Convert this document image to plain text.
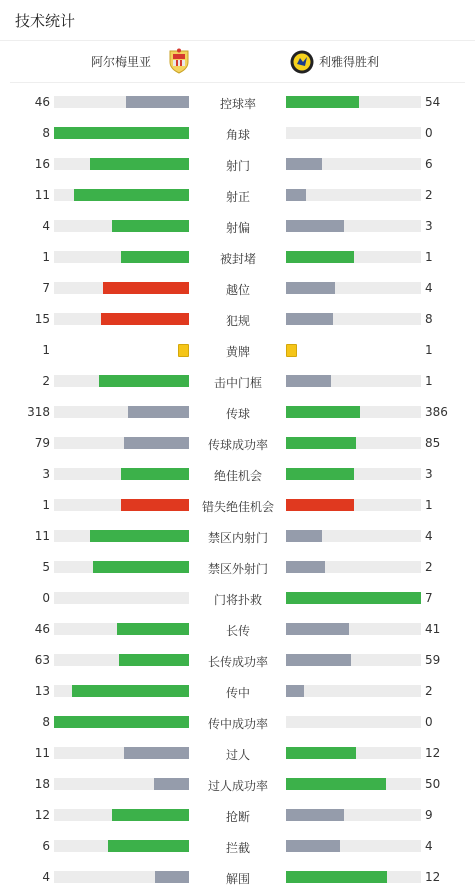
技术统计
阿尔梅里亚	利雅得胜利
46	控球率	54
8	角球	0
16	射门	6
11	射正	2
4	射偏	3
1	被封堵	1
7	越位	4
15	犯规	8
1	黄牌	1
2	击中门框	1
318	传球	386
79	传球成功率	85
3	绝佳机会	3
1	错失绝佳机会	1
11	禁区内射门	4
5	禁区外射门	2
0	门将扑救	7
46	长传	41
63	长传成功率	59
13	传中	2
8	传中成功率	0
11	过人	12
18	过人成功率	50
12	抢断	9
6	拦截	4
4	解围	12
